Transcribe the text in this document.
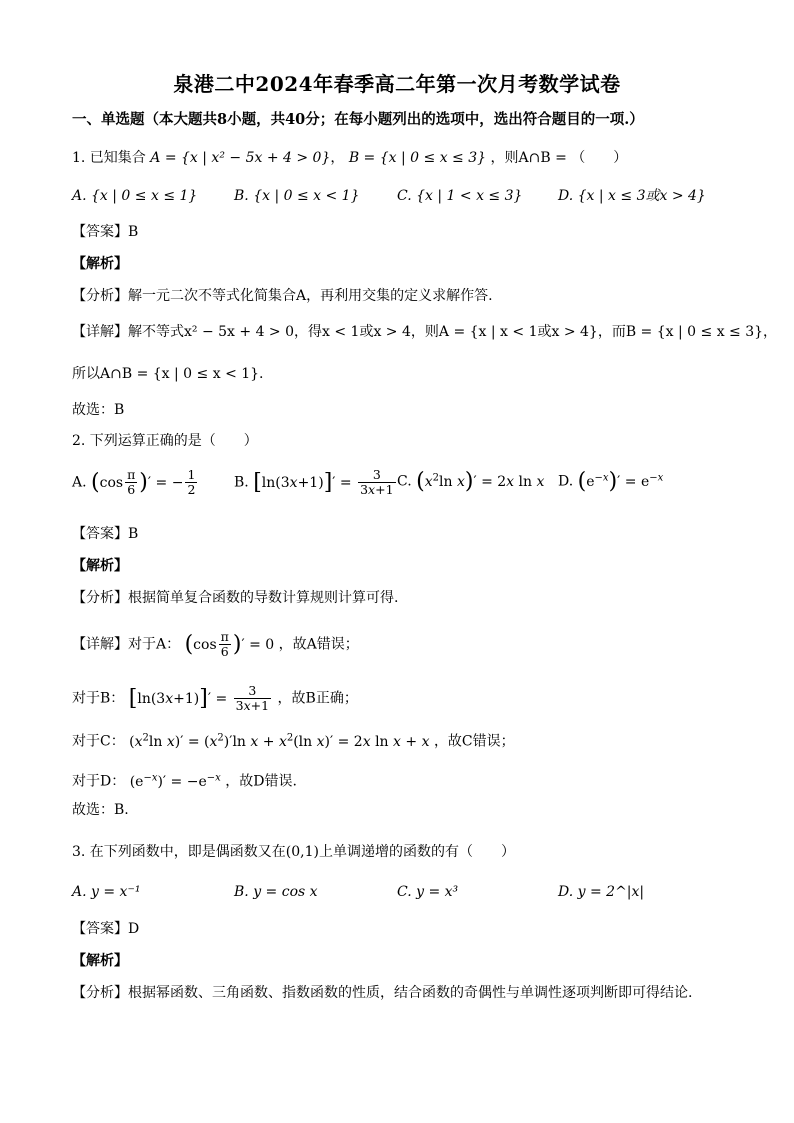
泉港二中2024年春季高二年第一次月考数学试卷
一、单选题（本大题共8小题，共40分；在每小题列出的选项中，选出符合题目的一项.）
1. 已知集合 A = {x | x² − 5x + 4 > 0}， B = {x | 0 ≤ x ≤ 3} ，则A∩B = （　　）
A. {x | 0 ≤ x ≤ 1}	B. {x | 0 ≤ x < 1}	C. {x | 1 < x ≤ 3}	D. {x | x ≤ 3或x > 4}
【答案】B
【解析】
【分析】解一元二次不等式化简集合A，再利用交集的定义求解作答.
【详解】解不等式x² − 5x + 4 > 0，得x < 1或x > 4，则A = {x | x < 1或x > 4}，而B = {x | 0 ≤ x ≤ 3}，
所以A∩B = {x | 0 ≤ x < 1}.
故选：B
2. 下列运算正确的是（　　）
A. ($\cos \frac{\pi}{6}$ )′ = − $\frac{1}{2}$	B. $[\ln(3x+1)]' = \frac{3}{3x+1} C$. ($x^2\ln$ x)′ = 2x ln x D. $(e^{-x})' = e^{-x}$
【答案】B
【解析】
【分析】根据简单复合函数的导数计算规则计算可得.
【详解】对于A： ($\cos \frac{\pi}{6}$ )′ = 0 ，故A错误；
对于B： $[\ln(3x+1)]' = \frac{3}{3x+1}$ ，故B正确；
对于C： ($x^2\ln$ $x)' = (x^2)'\ln$ $x + x^2(\ln$ x)′ = 2x ln x + x ，故C错误；
对于D： $(e^{-x})' = -e^{-x}$ ，故D错误.
故选：B.
3. 在下列函数中，即是偶函数又在(0,1)上单调递增的函数的有（　　）
A. y = x⁻¹	B. y = cos x	C. y = x³	D. y = 2^|x|
【答案】D
【解析】
【分析】根据幂函数、三角函数、指数函数的性质，结合函数的奇偶性与单调性逐项判断即可得结论.
